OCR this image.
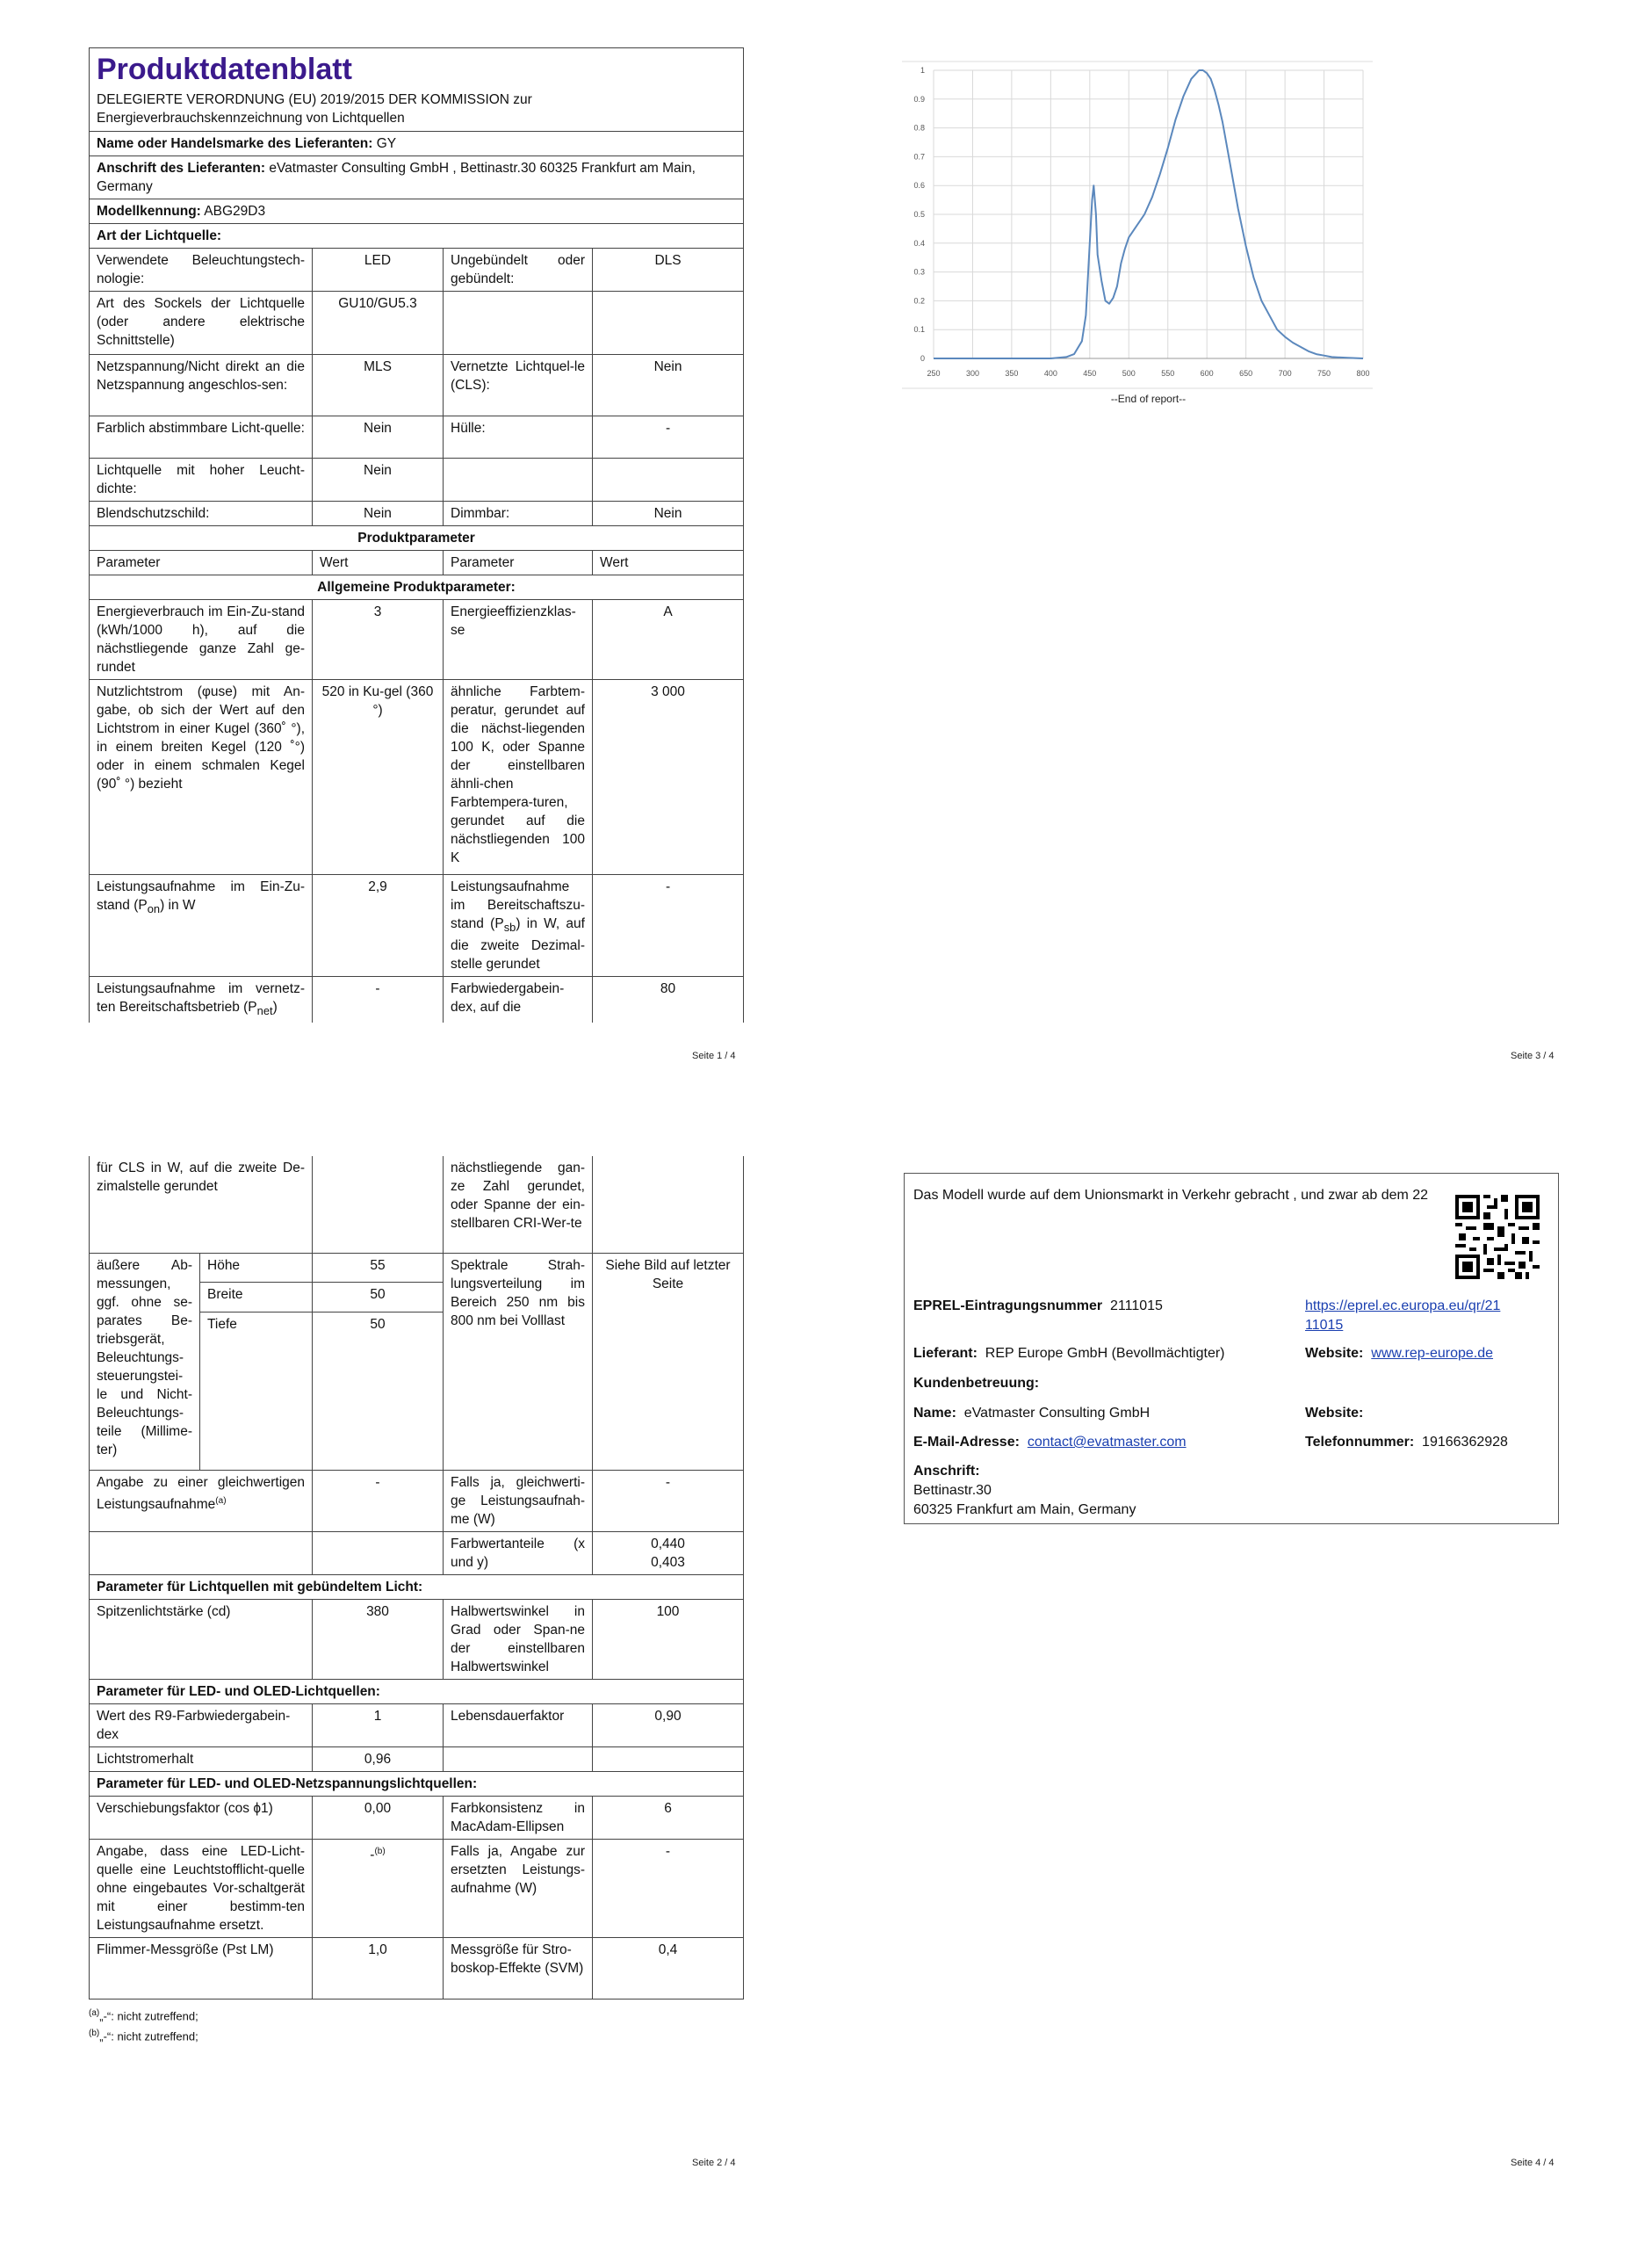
Produktdatenblatt
DELEGIERTE VERORDNUNG (EU) 2019/2015 DER KOMMISSION zur Energieverbrauchskennzeichnung von Lichtquellen			

Name oder Handelsmarke des Lieferanten: GY			
Anschrift des Lieferanten: eVatmaster Consulting GmbH , Bettinastr.30 60325 Frankfurt am Main, Germany			
Modellkennung: ABG29D3			
Art der Lichtquelle:			
Verwendete Beleuchtungstech-nologie:	LED	Ungebündelt oder gebündelt:	DLS
Art des Sockels der Lichtquelle (oder andere elektrische Schnittstelle)	GU10/GU5.3		
Netzspannung/Nicht direkt an die Netzspannung angeschlos-sen:	MLS	Vernetzte Lichtquel-le (CLS):	Nein
Farblich abstimmbare Licht-quelle:	Nein	Hülle:	-
Lichtquelle mit hoher Leucht-dichte:	Nein		
Blendschutzschild:	Nein	Dimmbar:	Nein
Produktparameter			
Parameter	Wert	Parameter	Wert
Allgemeine Produktparameter:			
Energieverbrauch im Ein-Zu-stand (kWh/1000 h), auf die nächstliegende ganze Zahl ge-rundet	3	Energieeffizienzklas-se	A
Nutzlichtstrom (φuse) mit An-gabe, ob sich der Wert auf den Lichtstrom in einer Kugel (360˚ °), in einem breiten Kegel (120 ˚°) oder in einem schmalen Kegel (90˚ °) bezieht	520 in Ku-gel (360 °)	ähnliche Farbtem-peratur, gerundet auf die nächst-liegenden 100 K, oder Spanne der einstellbaren ähnli-chen Farbtempera-turen, gerundet auf die nächstliegenden 100 K	3 000
Leistungsaufnahme im Ein-Zu-stand $(P_{on})$ in W	2,9	Leistungsaufnahme im Bereitschaftszu-stand $(P_{sb})$ in W, auf die zweite Dezimal-stelle gerundet	-
Leistungsaufnahme im vernetz-ten Bereitschaftsbetrieb $(P_{net})$	-	Farbwiedergabein-dex, auf die	80
Seite 1 / 4
0
0.1
0.2
0.3
0.4
0.5
0.6
0.7
0.8
0.9
1
250	300	350	400	450	500	550	600	650	700	750	800
--End of report--
Seite 3 / 4
für CLS in W, auf die zweite De-zimalstelle gerundet			nächstliegende gan-ze Zahl gerundet, oder Spanne der ein-stellbaren CRI-Wer-te	
äußere Ab-messungen, ggf. ohne se-parates Be-triebsgerät, Beleuchtungs-steuerungstei-le und Nicht-Beleuchtungs-teile (Millime-ter)	Höhe	55	Spektrale Strah-lungsverteilung im Bereich 250 nm bis 800 nm bei Volllast	Siehe Bild auf letzter Seite
	Breite	50		
	Tiefe	50		
Angabe zu einer gleichwertigen Leistungsaufnahme$^{(a)}$		-	Falls ja, gleichwerti-ge Leistungsaufnah-me (W)	-
			Farbwertanteile (x und y)	0,440
0,403

Parameter für Lichtquellen mit gebündeltem Licht:				
Spitzenlichtstärke (cd)		380	Halbwertswinkel in Grad oder Span-ne der einstellbaren Halbwertswinkel	100
Parameter für LED- und OLED-Lichtquellen:				
Wert des R9-Farbwiedergabein-dex		1	Lebensdauerfaktor	0,90
Lichtstromerhalt		0,96		
Parameter für LED- und OLED-Netzspannungslichtquellen:				
Verschiebungsfaktor (cos ϕ1)		0,00	Farbkonsistenz in MacAdam-Ellipsen	6
Angabe, dass eine LED-Licht-quelle eine Leuchtstofflicht-quelle ohne eingebautes Vor-schaltgerät mit einer bestimm-ten Leistungsaufnahme ersetzt.		-$^{(b)}$	Falls ja, Angabe zur ersetzten Leistungs-aufnahme (W)	-
Flimmer-Messgröße (Pst LM)		1,0	Messgröße für Stro-boskop-Effekte (SVM)	0,4
$^{(a)}$„-“: nicht zutreffend;
$^{(b)}$„-“: nicht zutreffend;
Seite 2 / 4
Das Modell wurde auf dem Unionsmarkt in Verkehr gebracht , und zwar ab dem 22
EPREL-Eintragungsnummer 2111015	https://eprel.ec.europa.eu/qr/21
11015
Lieferant: REP Europe GmbH (Bevollmächtigter)	Website: www.rep-europe.de
Kundenbetreuung:
Name: eVatmaster Consulting GmbH	Website:
E-Mail-Adresse: contact@evatmaster.com	Telefonnummer: 19166362928
Anschrift:
Bettinastr.30
60325 Frankfurt am Main, Germany
Seite 4 / 4
